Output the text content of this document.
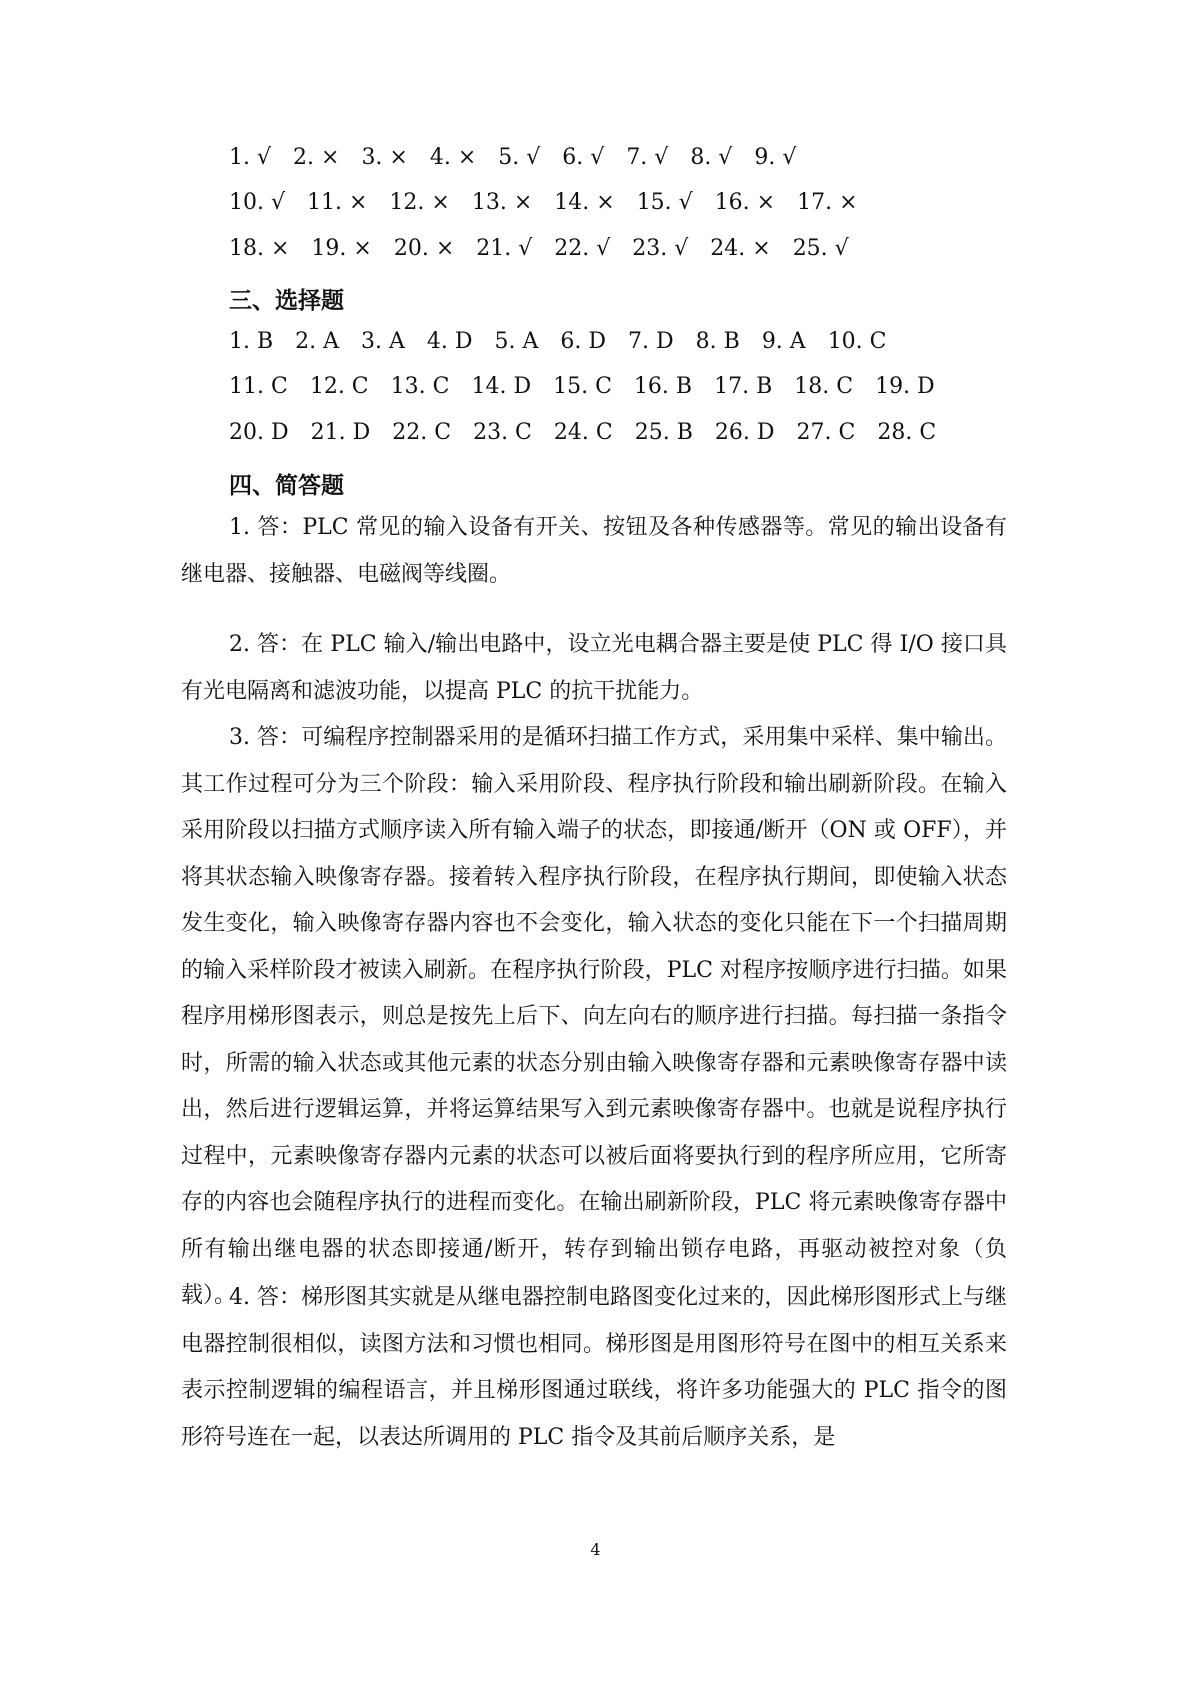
1. √ 2. × 3. × 4. × 5. √ 6. √ 7. √ 8. √ 9. √
10. √ 11. × 12. × 13. × 14. × 15. √ 16. × 17. ×
18. × 19. × 20. × 21. √ 22. √ 23. √ 24. × 25. √
三、选择题
1. B 2. A 3. A 4. D 5. A 6. D 7. D 8. B 9. A 10. C
11. C 12. C 13. C 14. D 15. C 16. B 17. B 18. C 19. D
20. D 21. D 22. C 23. C 24. C 25. B 26. D 27. C 28. C
四、简答题
1. 答：PLC 常见的输入设备有开关、按钮及各种传感器等。常见的输出设备有继电器、接触器、电磁阀等线圈。
2. 答：在 PLC 输入/输出电路中，设立光电耦合器主要是使 PLC 得 I/O 接口具有光电隔离和滤波功能，以提高 PLC 的抗干扰能力。
3. 答：可编程序控制器采用的是循环扫描工作方式，采用集中采样、集中输出。其工作过程可分为三个阶段：输入采用阶段、程序执行阶段和输出刷新阶段。在输入采用阶段以扫描方式顺序读入所有输入端子的状态，即接通/断开（ON 或 OFF），并将其状态输入映像寄存器。接着转入程序执行阶段，在程序执行期间，即使输入状态发生变化，输入映像寄存器内容也不会变化，输入状态的变化只能在下一个扫描周期的输入采样阶段才被读入刷新。在程序执行阶段，PLC 对程序按顺序进行扫描。如果程序用梯形图表示，则总是按先上后下、向左向右的顺序进行扫描。每扫描一条指令时，所需的输入状态或其他元素的状态分别由输入映像寄存器和元素映像寄存器中读出，然后进行逻辑运算，并将运算结果写入到元素映像寄存器中。也就是说程序执行过程中，元素映像寄存器内元素的状态可以被后面将要执行到的程序所应用，它所寄存的内容也会随程序执行的进程而变化。在输出刷新阶段，PLC 将元素映像寄存器中所有输出继电器的状态即接通/断开，转存到输出锁存电路，再驱动被控对象（负载）。
4. 答：梯形图其实就是从继电器控制电路图变化过来的，因此梯形图形式上与继电器控制很相似，读图方法和习惯也相同。梯形图是用图形符号在图中的相互关系来表示控制逻辑的编程语言，并且梯形图通过联线，将许多功能强大的 PLC 指令的图形符号连在一起，以表达所调用的 PLC 指令及其前后顺序关系，是
4
